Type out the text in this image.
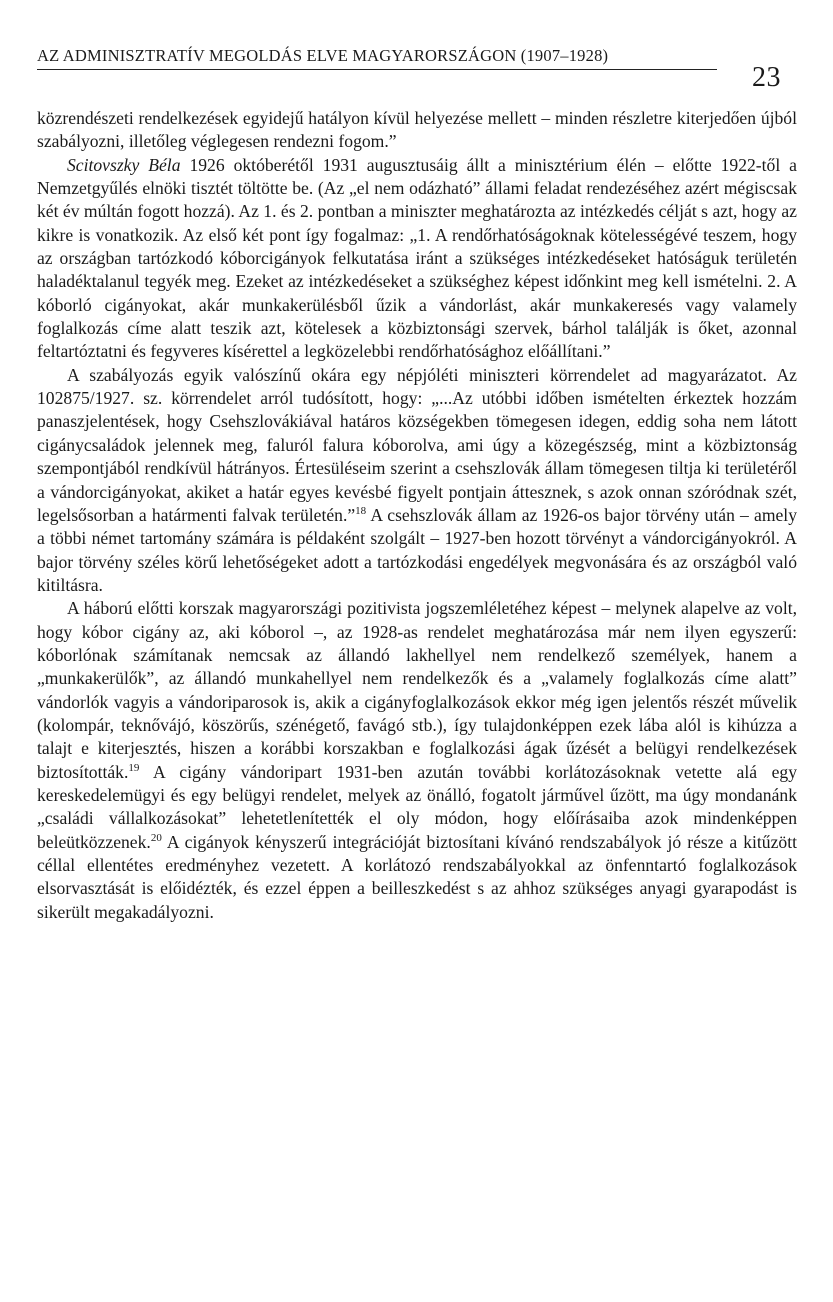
AZ ADMINISZTRATÍV MEGOLDÁS ELVE MAGYARORSZÁGON (1907–1928)
23

közrendészeti rendelkezések egyidejű hatályon kívül helyezése mellett – minden részletre kiterjedően újból szabályozni, illetőleg véglegesen rendezni fogom.”

Scitovszky Béla 1926 októberétől 1931 augusztusáig állt a minisztérium élén – előtte 1922-től a Nemzetgyűlés elnöki tisztét töltötte be. (Az „el nem odázható” állami feladat rendezéséhez azért mégiscsak két év múltán fogott hozzá). Az 1. és 2. pontban a miniszter meghatározta az intézkedés célját s azt, hogy az kikre is vonatkozik. Az első két pont így fogalmaz: „1. A rendőrhatóságoknak kötelességévé teszem, hogy az országban tartózkodó kóborcigányok felkutatása iránt a szükséges intézkedéseket hatóságuk területén haladéktalanul tegyék meg. Ezeket az intézkedéseket a szükséghez képest időnkint meg kell ismételni. 2. A kóborló cigányokat, akár munkakerülésből űzik a vándorlást, akár munkakeresés vagy valamely foglalkozás címe alatt teszik azt, kötelesek a közbiztonsági szervek, bárhol találják is őket, azonnal feltartóztatni és fegyveres kísérettel a legközelebbi rendőrhatósághoz előállítani.”

A szabályozás egyik valószínű okára egy népjóléti miniszteri körrendelet ad magyarázatot. Az 102875/1927. sz. körrendelet arról tudósított, hogy: „...Az utóbbi időben ismételten érkeztek hozzám panaszjelentések, hogy Csehszlovákiával határos községekben tömegesen idegen, eddig soha nem látott cigánycsaládok jelennek meg, faluról falura kóborolva, ami úgy a közegészség, mint a közbiztonság szempontjából rendkívül hátrányos. Értesüléseim szerint a csehszlovák állam tömegesen tiltja ki területéről a vándorcigányokat, akiket a határ egyes kevésbé figyelt pontjain áttesznek, s azok onnan szóródnak szét, legelsősorban a határmenti falvak területén.”$^{18}$ A csehszlovák állam az 1926-os bajor törvény után – amely a többi német tartomány számára is példaként szolgált – 1927-ben hozott törvényt a vándorcigányokról. A bajor törvény széles körű lehetőségeket adott a tartózkodási engedélyek megvonására és az országból való kitiltásra.

A háború előtti korszak magyarországi pozitivista jogszemléletéhez képest – melynek alapelve az volt, hogy kóbor cigány az, aki kóborol –, az 1928-as rendelet meghatározása már nem ilyen egyszerű: kóborlónak számítanak nemcsak az állandó lakhellyel nem rendelkező személyek, hanem a „munkakerülők”, az állandó munkahellyel nem rendelkezők és a „valamely foglalkozás címe alatt” vándorlók vagyis a vándoriparosok is, akik a cigányfoglalkozások ekkor még igen jelentős részét művelik (kolompár, teknővájó, köszörűs, szénégető, favágó stb.), így tulajdonképpen ezek lába alól is kihúzza a talajt e kiterjesztés, hiszen a korábbi korszakban e foglalkozási ágak űzését a belügyi rendelkezések biztosították.$^{19}$ A cigány vándoripart 1931-ben azután további korlátozásoknak vetette alá egy kereskedelemügyi és egy belügyi rendelet, melyek az önálló, fogatolt járművel űzött, ma úgy mondanánk „családi vállalkozásokat” lehetetlenítették el oly módon, hogy előírásaiba azok mindenképpen beleütközzenek.$^{20}$ A cigányok kényszerű integrációját biztosítani kívánó rendszabályok jó része a kitűzött céllal ellentétes eredményhez vezetett. A korlátozó rendszabályokkal az önfenntartó foglalkozások elsorvasztását is előidézték, és ezzel éppen a beilleszkedést s az ahhoz szükséges anyagi gyarapodást is sikerült megakadályozni.
